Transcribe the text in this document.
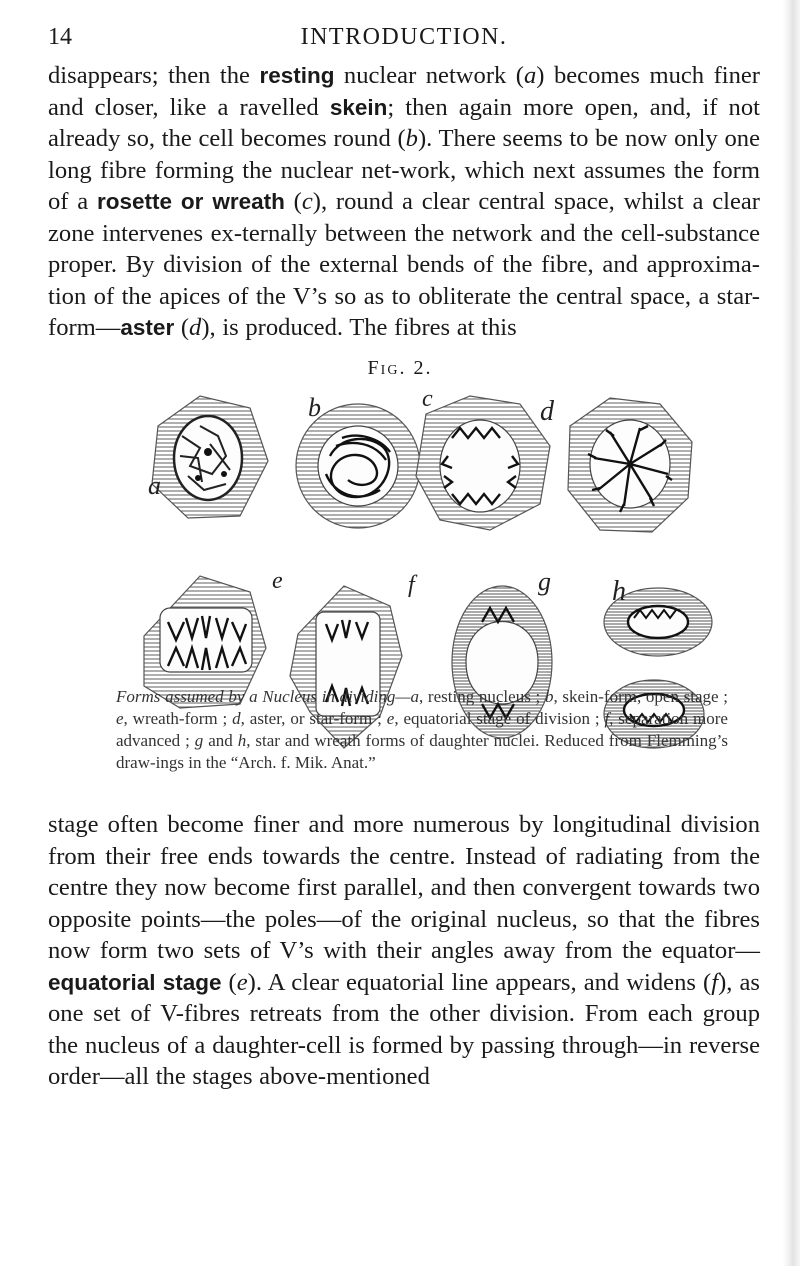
14	INTRODUCTION.

disappears; then the resting nuclear network (a) becomes much finer and closer, like a ravelled skein; then again more open, and, if not already so, the cell becomes round (b). There seems to be now only one long fibre forming the nuclear net-work, which next assumes the form of a rosette or wreath (c), round a clear central space, whilst a clear zone intervenes ex-ternally between the network and the cell-substance proper. By division of the external bends of the fibre, and approxima-tion of the apices of the V’s so as to obliterate the central space, a star-form—aster (d), is produced. The fibres at this

Fig. 2.
a
b	c	d
e	f	g h

Forms assumed by a Nucleus in dividing—a, resting nucleus ; b, skein-form, open stage ; e, wreath-form ; d, aster, or star-form ; e, equatorial stage of division ; f, separation more advanced ; g and h, star and wreath forms of daughter nuclei. Reduced from Flemming’s draw-ings in the “Arch. f. Mik. Anat.”

stage often become finer and more numerous by longitudinal division from their free ends towards the centre. Instead of radiating from the centre they now become first parallel, and then convergent towards two opposite points—the poles—of the original nucleus, so that the fibres now form two sets of V’s with their angles away from the equator—equatorial stage (e). A clear equatorial line appears, and widens (f), as one set of V-fibres retreats from the other division. From each group the nucleus of a daughter-cell is formed by passing through—in reverse order—all the stages above-mentioned
